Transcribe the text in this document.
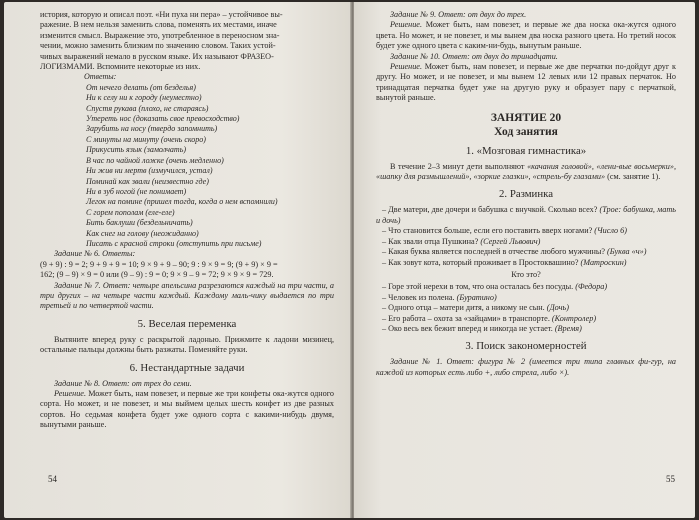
история, которую и описал поэт. «Ни пуха ни пера» – устойчивое вы-
ражение. В нем нельзя заменить слова, поменять их местами, иначе
изменится смысл. Выражение это, употребленное в переносном зна-
чении, можно заменить близким по значению словом. Таких устой-
чивых выражений немало в русском языке. Их называют ФРАЗЕО-
ЛОГИЗМАМИ. Вспомните некоторые из них.

Ответы:
От нечего делать (от безделья)
Ни к селу ни к городу (неуместно)
Спустя рукава (плохо, не стараясь)
Утереть нос (доказать свое превосходство)
Зарубить на носу (твердо запомнить)
С минуты на минуту (очень скоро)
Прикусить язык (замолчать)
В час по чайной ложке (очень медленно)
Ни жив ни мертв (измучился, устал)
Поминай как звали (неизвестно где)
Ни в зуб ногой (не понимает)
Легок на помине (пришел тогда, когда о нем вспомнили)
С горем пополам (еле-еле)
Бить баклуши (бездельничать)
Как снег на голову (неожиданно)
Писать с красной строки (отступить при письме)

Задание № 6. Ответы:
(9 + 9) : 9 = 2; 9 + 9 + 9 = 10; 9 × 9 + 9 – 90; 9 : 9 × 9 = 9; (9 + 9) × 9 =
162; (9 – 9) × 9 = 0 или (9 – 9) : 9 = 0; 9 × 9 – 9 = 72; 9 × 9 × 9 = 729.

Задание № 7. Ответ: четыре апельсина разрезаются каждый на три части, а три других – на четыре части каждый. Каждому маль-чику выдается по три третьей и по четвертой части.

5. Веселая переменка

Вытяните вперед руку с раскрытой ладонью. Прижмите к ладони мизинец, остальные пальцы должны быть разжаты. Поменяйте руки.

6. Нестандартные задачи

Задание № 8. Ответ: от трех до семи.

Решение. Может быть, нам повезет, и первые же три конфеты ока-жутся одного сорта. Но может, и не повезет, и мы выймем целых шесть конфет из две разных сортов. Но седьмая конфета будет уже одного сорта с какими-нибудь двумя, вынутыми раньше.

54

Задание № 9. Ответ: от двух до трех.

Решение. Может быть, нам повезет, и первые же два носка ока-жутся одного цвета. Но может, и не повезет, и мы вынем два носка разного цвета. Но третий носок будет уже одного цвета с каким-ни-будь, вынутым раньше.

Задание № 10. Ответ: от двух до тринадцати.

Решение. Может быть, нам повезет, и первые же две перчатки по-дойдут друг к другу. Но может, и не повезет, и мы вынем 12 левых или 12 правых перчаток. Но тринадцатая перчатка будет уже на другую руку и образует пару с перчаткой, вынутой раньше.

ЗАНЯТИЕ 20
Ход занятия
1. «Мозговая гимнастика»

В течение 2–3 минут дети выполняют «качания головой», «лени-вые восьмерки», «шапку для размышлений», «зоркие глазки», «стрель-бу глазами» (см. занятие 1).

2. Разминка

– Две матери, две дочери и бабушка с внучкой. Сколько всех? (Трое: бабушка, мать и дочь)

– Что становится больше, если его поставить вверх ногами? (Число 6)

– Как звали отца Пушкина? (Сергей Львович)

– Какая буква является последней в отчестве любого мужчины? (Буква «ч»)

– Как зовут кота, который проживает в Простоквашино? (Матроскин)

Кто это?

– Горе этой нерехи в том, что она осталась без посуды. (Федора)

– Человек из полена. (Буратино)

– Одного отца – матери дитя, а никому не сын. (Дочь)

– Его работа – охота за «зайцами» в транспорте. (Контролер)

– Око весь век бежит вперед и никогда не устает. (Время)

3. Поиск закономерностей

Задание № 1. Ответ: фигура № 2 (имеется три типа главных фи-гур, на каждой из которых есть либо +, либо стрела, либо ×).

55
